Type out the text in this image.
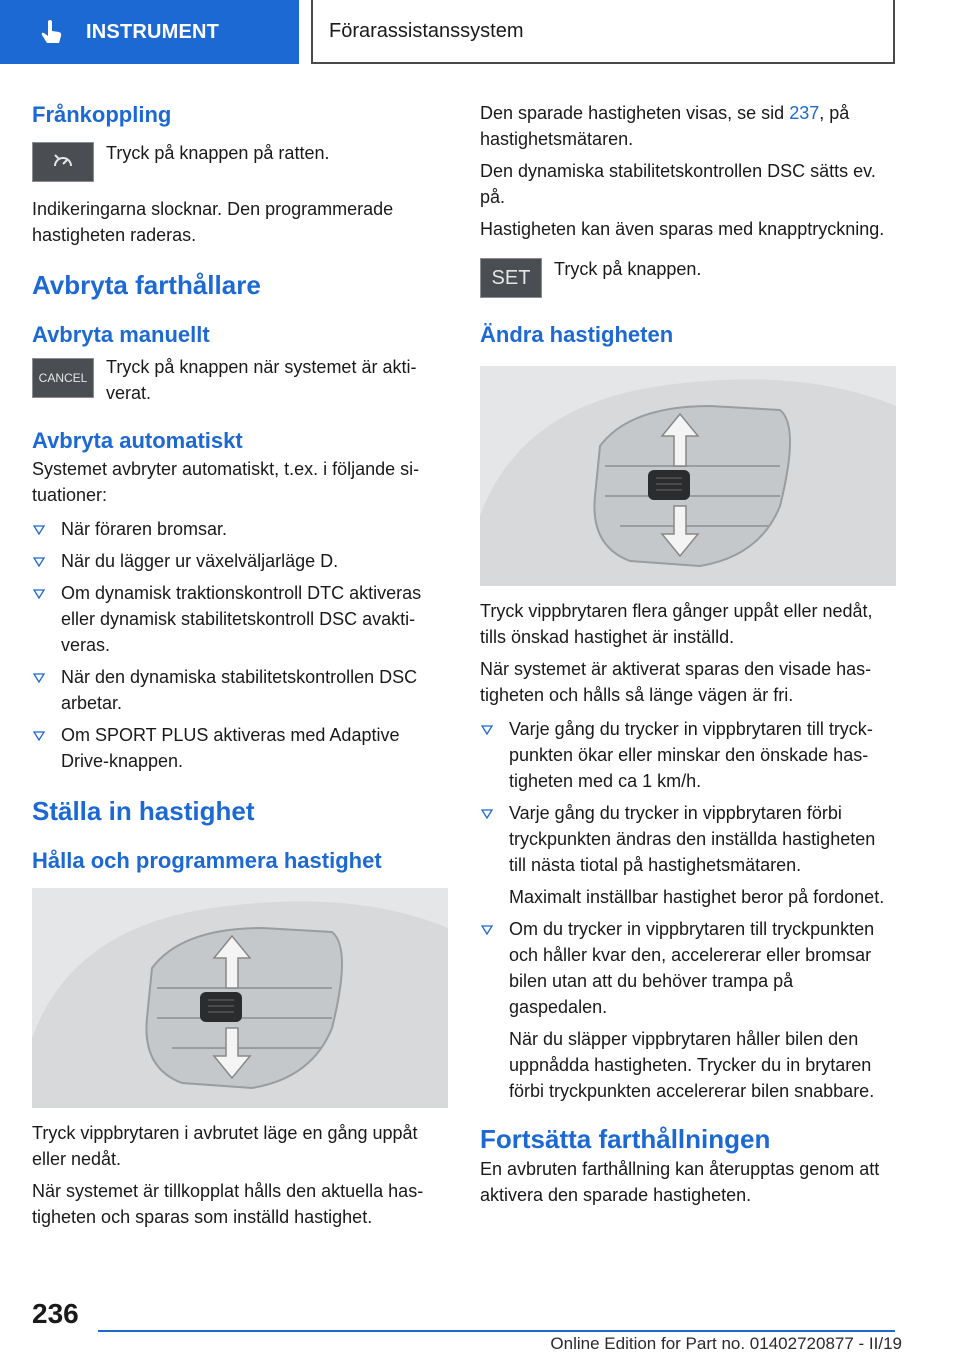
INSTRUMENT	Förarassistanssystem
Frånkoppling
Tryck på knappen på ratten.
Indikeringarna slocknar. Den programmerade hastigheten raderas.
Avbryta farthållare
Avbryta manuellt
CANCEL
Tryck på knappen när systemet är aktiverat.
Avbryta automatiskt
Systemet avbryter automatiskt, t.ex. i följande situationer:
När föraren bromsar.
När du lägger ur växelväljarläge D.
Om dynamisk traktionskontroll DTC aktiveras eller dynamisk stabilitetskontroll DSC avaktiveras.
När den dynamiska stabilitetskontrollen DSC arbetar.
Om SPORT PLUS aktiveras med Adaptive Drive-knappen.
Ställa in hastighet
Hålla och programmera hastighet
Tryck vippbrytaren i avbrutet läge en gång uppåt eller nedåt.
När systemet är tillkopplat hålls den aktuella hastigheten och sparas som inställd hastighet.
Den sparade hastigheten visas, se sid 237, på hastighetsmätaren.
Den dynamiska stabilitetskontrollen DSC sätts ev. på.
Hastigheten kan även sparas med knapptryckning.
SET	Tryck på knappen.
Ändra hastigheten
Tryck vippbrytaren flera gånger uppåt eller nedåt, tills önskad hastighet är inställd.
När systemet är aktiverat sparas den visade hastigheten och hålls så länge vägen är fri.
Varje gång du trycker in vippbrytaren till tryckpunkten ökar eller minskar den önskade hastigheten med ca 1 km/h.
Varje gång du trycker in vippbrytaren förbi tryckpunkten ändras den inställda hastigheten till nästa tiotal på hastighetsmätaren.
Maximalt inställbar hastighet beror på fordonet.
Om du trycker in vippbrytaren till tryckpunkten och håller kvar den, accelererar eller bromsar bilen utan att du behöver trampa på gaspedalen.
När du släpper vippbrytaren håller bilen den uppnådda hastigheten. Trycker du in brytaren förbi tryckpunkten accelererar bilen snabbare.
Fortsätta farthållningen
En avbruten farthållning kan återupptas genom att aktivera den sparade hastigheten.
236
Online Edition for Part no. 01402720877 - II/19
